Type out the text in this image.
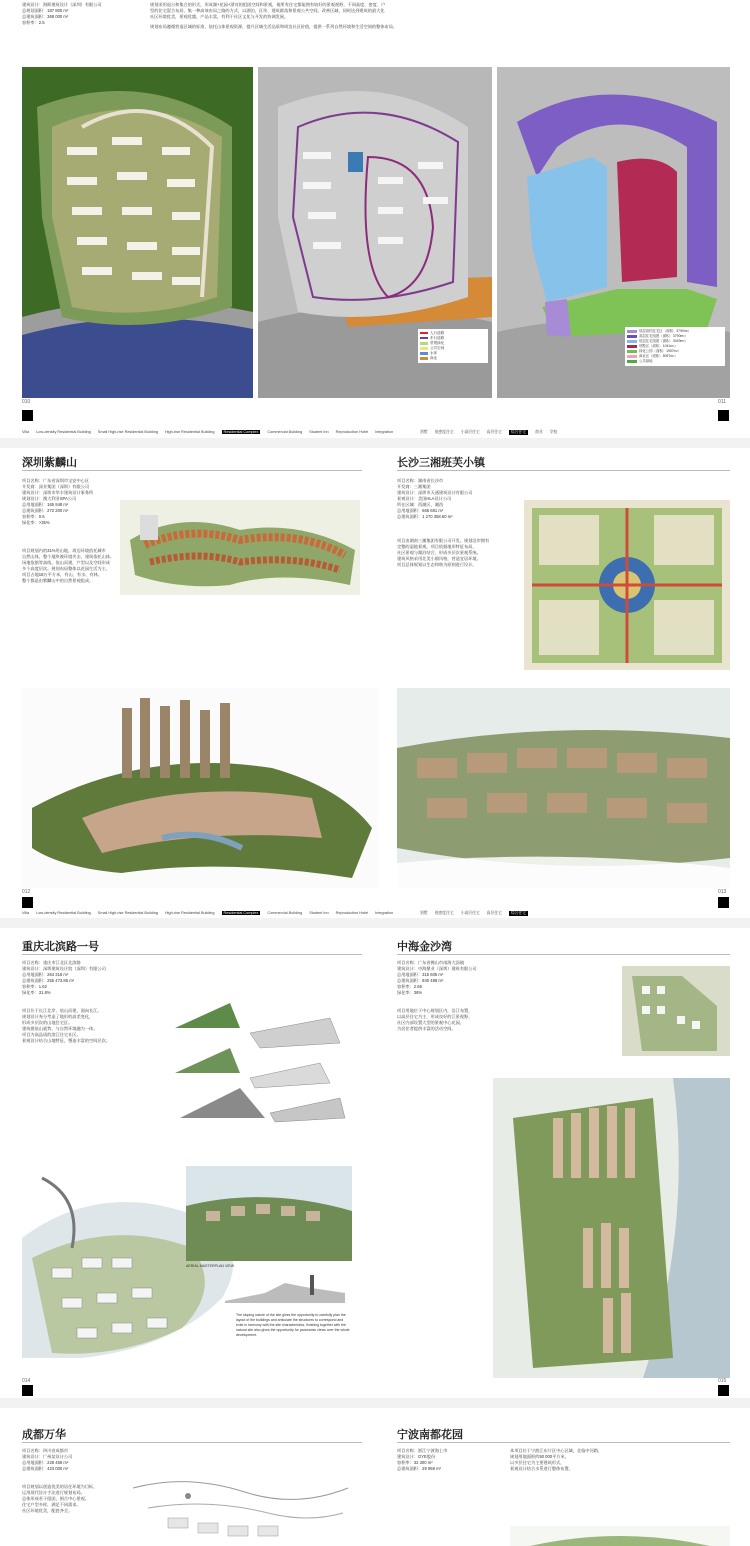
建筑设计：海斯建筑设计（深圳）有限公司

总规划面积：187 800 m²

总建筑面积：368 000 m²

容积率：2.5

规划采用退台和集合的形式，形成湖+花园+漂亮的组团空间和景观，使所有住宅都能拥有较好的景观视野，不同高度、密度、户

型的住宅混合布局，集一种高效布局之路的方式，以湖泊、区块、建筑群落和景观公共空间，改善区域，同时达到建筑的最大化

社区环境优美，景观优越，产品丰富，有利于社区文化与开发的协调发展。

规划布局遵循营造区域的标准，依托山体景观资源，提升区域生活品质和周边社区价值，提供一系列自然环境和生活空间的整体布局。

人行道路
车行道路
景观绿化
公共空间
水体
商业
低层高档住宅区（面积：3790m²）
高层住宅组团（面积：3790m²）
低层住宅组团（面积：3049m²）
别墅区（面积：1041m²）
绿化公园（面积：1957m²）
商业区（面积：5057m²）
公共绿地
010	011
Villa Low-density Residential Building Small High-rise Residential Building High-rise Residential Building	Residential Complex	Commercial Building Student Inn Reproduction Hotel Integration	别墅 低密度住宅 小高层住宅 高层住宅	综合住宅	商业 学校
深圳紫麟山	长沙三湘班芙小镇

项目名称：广东省深圳市宝安中心区

开发商：深业集团（深圳）有限公司

建筑设计：深圳市华丰建筑设计事务所

规划设计：澳大利亚SPA公司

总用地面积：165 948 m²

总建筑面积：272 200 m²

容积率：0.6

绿化率：>35%

项目规划内的31%用山地，周边环境依托城市

自然山体，整个地块被环境夹击，建筑依托山体。

场地依据等高线，依山而建，户型以及空间形成

多个高度层次。规划布局整体以花园生活为主。

项目占地18万平方米，有山、有水、有林。

整个都是由紫麟山中的自然景观组成。

项目名称：湖南省长沙市

开发商：三湘集团

建筑设计：深圳市天通建筑设计有限公司

景观设计：美国HLA设计公司

所在区域：西湖区、湘西

总用地面积：666 681 m²

总建筑面积：1 270 358.60 m²

项目由湖南三湘集团有限公司开发。规划沿岸拥有

完整的湿地景观，项目依据地形特征布局，

社区景观与湖泊结合，形成多层次景观系统。

建筑风格采用北美小镇风格，营造宜居环境。

项目总体规划以生态和谐为原则进行设计。

012	013
Villa Low-density Residential Building Small High-rise Residential Building High-rise Residential Building	Residential Complex	Commercial Building Student Inn Reproduction Hotel Integration	别墅 低密度住宅 小高层住宅 高层住宅	综合住宅
重庆北滨路一号	中海金沙湾

项目名称：重庆市江北区北滨路

建筑设计：深圳建筑设计院（深圳）有限公司

总用地面积：264 318 m²

总建筑面积：255 473.85 m²

容积率：1.62

绿化率：31.8%

项目位于长江北岸，依山而建，面向长江。

规划设计充分考虑了地形的高差变化，

形成多层次的山地住宅区。

建筑群依山就势，与自然环境融为一体。

项目为高品质的滨江住宅社区。

景观设计结合山地特征，塑造丰富的空间层次。

AERIAL MASTERPLAN VIEW
The sloping nature of the site gives the opportunity to carefully plan the layout of the buildings and articulate the structures to correspond and exist in harmony with the site characteristics, finishing together with the natural site also gives the opportunity for panoramic views over the whole development.

项目名称：广东省佛山市南海大沥镇

建筑设计：中海鼎业（深圳）建筑有限公司

总用地面积：315 605 m²

总建筑面积：840 488 m²

容积率：2.66

绿化率：36%

项目用地位于中心规划区内，沿江布置，

以高层住宅为主，形成良好的江景视野。

社区内部设置大型的景观中心花园，

为居住者提供丰富的活动空间。

014	015
成都万华	宁波南都花园

项目名称：四川省成都市

建筑设计：广州某设计公司

总用地面积：228 459 m²

总建筑面积：423 000 m²

项目规划以创造优美的居住环境为目标，

运用现代设计手法进行规划布局。

总体形成若干组团，围合中心景观。

住宅户型多样，满足不同需求。

社区环境优美，配套齐全。

项目名称：浙江宁波海上市

建筑设计：GYE股份

容积率：32 300 m²

总建筑面积：29 959 m²

本项目位于宁波江东片区中心区域，北临中河路，

规划用地面积约50 000平方米，

以多层住宅为主要建筑形式，

景观设计结合水系进行整体布置。
